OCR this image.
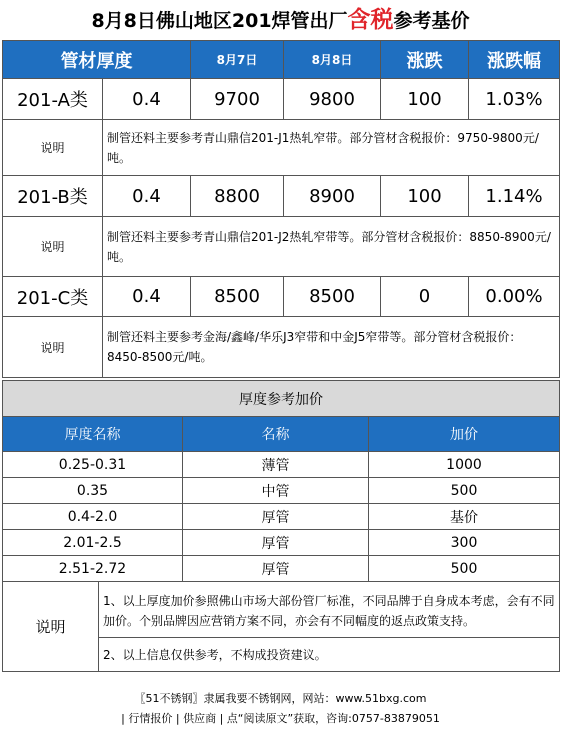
8月8日佛山地区201焊管出厂含税参考基价
管材厚度		8月7日	8月8日	涨跌	涨跌幅
201-A类	0.4	9700	9800	100	1.03%
说明	制管还料主要参考青山鼎信201-J1热轧窄带。部分管材含税报价：9750-9800元/吨。				
201-B类	0.4	8800	8900	100	1.14%
说明	制管还料主要参考青山鼎信201-J2热轧窄带等。部分管材含税报价：8850-8900元/吨。				
201-C类	0.4	8500	8500	0	0.00%
说明	制管还料主要参考金海/鑫峰/华乐J3窄带和中金J5窄带等。部分管材含税报价：8450-8500元/吨。				
厚度参考加价			
厚度名称		名称	加价
0.25-0.31		薄管	1000
0.35		中管	500
0.4-2.0		厚管	基价
2.01-2.5		厚管	300
2.51-2.72		厚管	500
说明	1、以上厚度加价参照佛山市场大部份管厂标准，不同品牌于自身成本考虑，会有不同加价。个别品牌因应营销方案不同，亦会有不同幅度的返点政策支持。		
	2、以上信息仅供参考，不构成投资建议。		
〖51不锈钢〗隶属我要不锈钢网，网站：www.51bxg.com
| 行情报价 | 供应商 | 点“阅读原文”获取，咨询:0757-83879051
